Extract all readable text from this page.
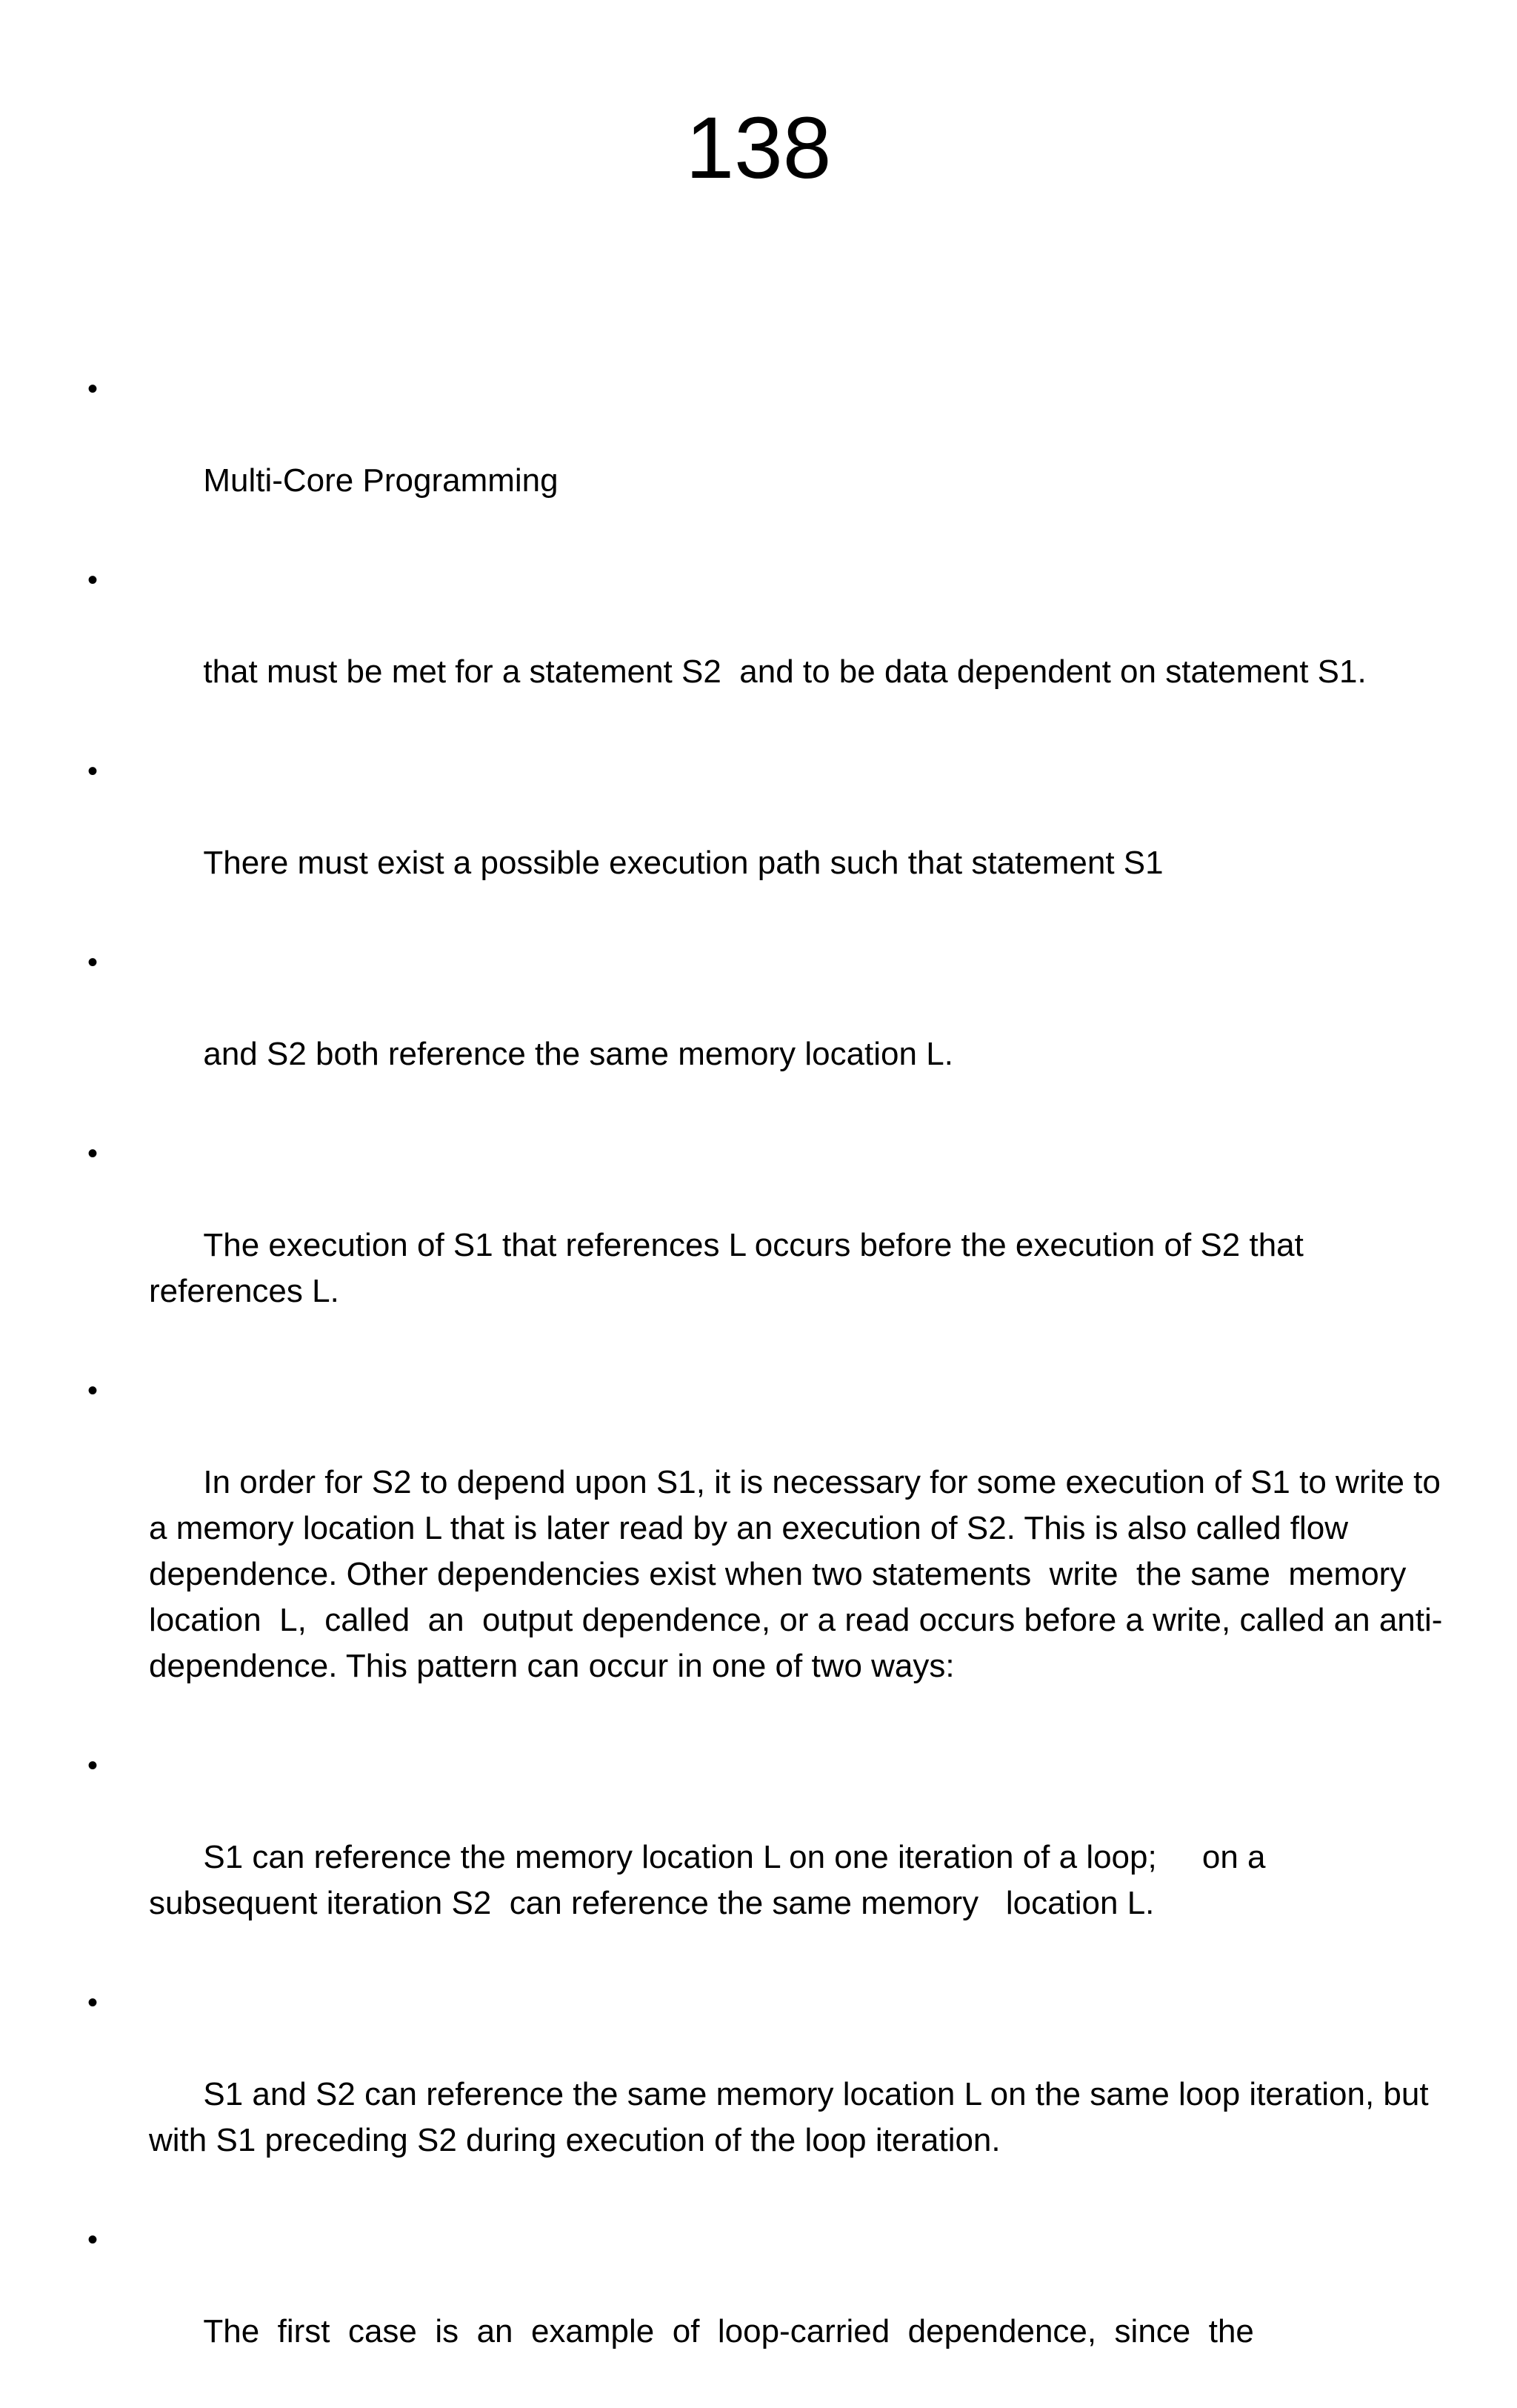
138

•

Multi-Core Programming

•

that must be met for a statement S2  and to be data dependent on statement S1.

•

There must exist a possible execution path such that statement S1

•

and S2 both reference the same memory location L.

•

The execution of S1 that references L occurs before the execution of S2 that references L.

•

In order for S2 to depend upon S1, it is necessary for some execution of S1 to write to a memory location L that is later read by an execution of S2. This is also called flow dependence. Other dependencies exist when two statements  write  the same  memory  location  L,  called  an  output dependence, or a read occurs before a write, called an anti-dependence. This pattern can occur in one of two ways:

•

S1 can reference the memory location L on one iteration of a loop;     on a subsequent iteration S2  can reference the same memory   location L.

•

S1 and S2 can reference the same memory location L on the same loop iteration, but with S1 preceding S2 during execution of the loop iteration.

•

The  first  case  is  an  example  of  loop-carried  dependence,  since  the
